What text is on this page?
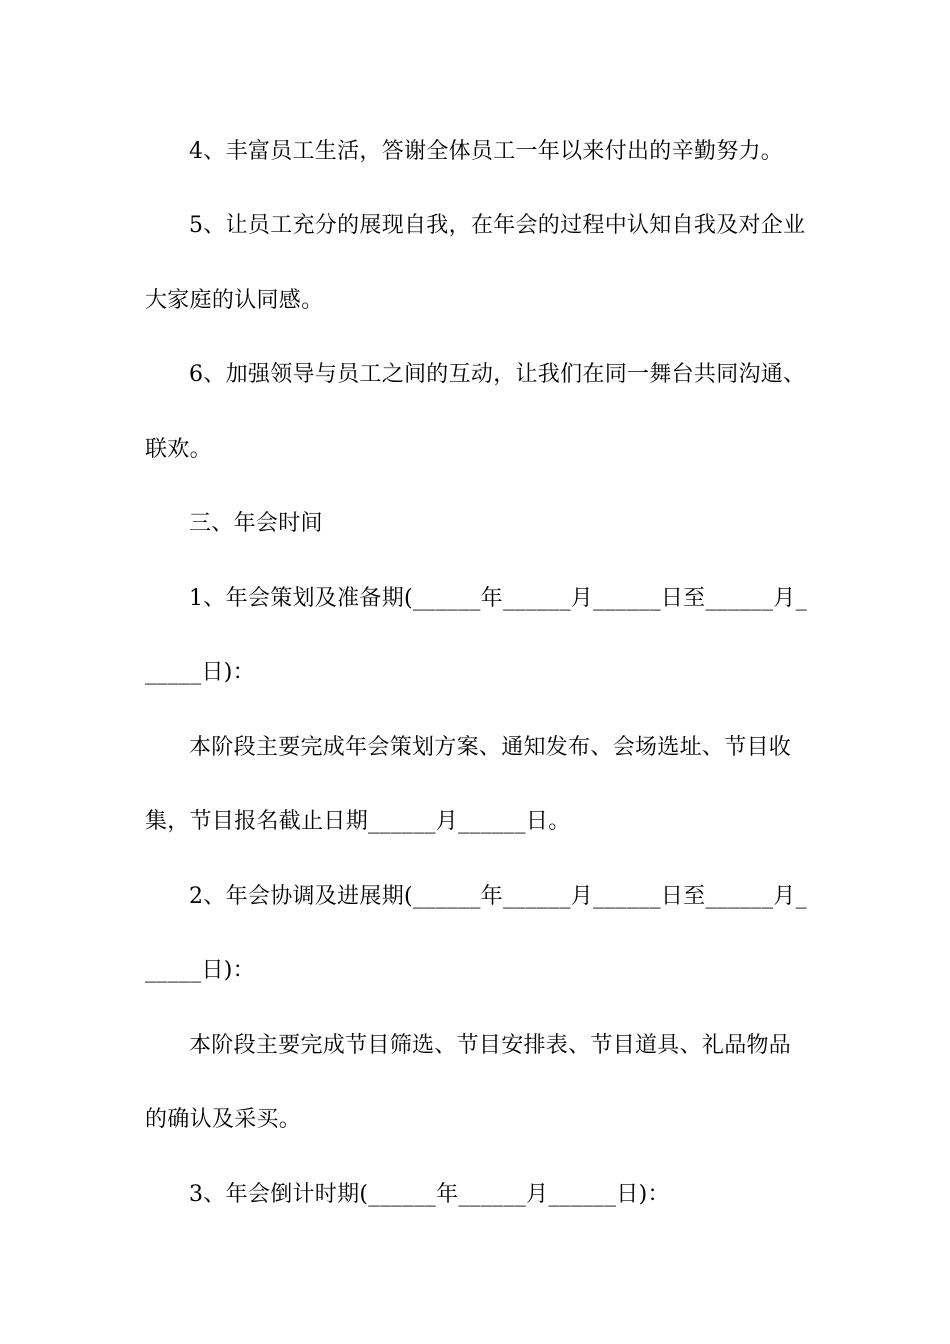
4、丰富员工生活，答谢全体员工一年以来付出的辛勤努力。
5、让员工充分的展现自我，在年会的过程中认知自我及对企业
大家庭的认同感。
6、加强领导与员工之间的互动，让我们在同一舞台共同沟通、
联欢。
三、年会时间
1、年会策划及准备期(______年______月______日至______月_
_____日)：
本阶段主要完成年会策划方案、通知发布、会场选址、节目收
集，节目报名截止日期______月______日。
2、年会协调及进展期(______年______月______日至______月_
_____日)：
本阶段主要完成节目筛选、节目安排表、节目道具、礼品物品
的确认及采买。
3、年会倒计时期(______年______月______日)：
